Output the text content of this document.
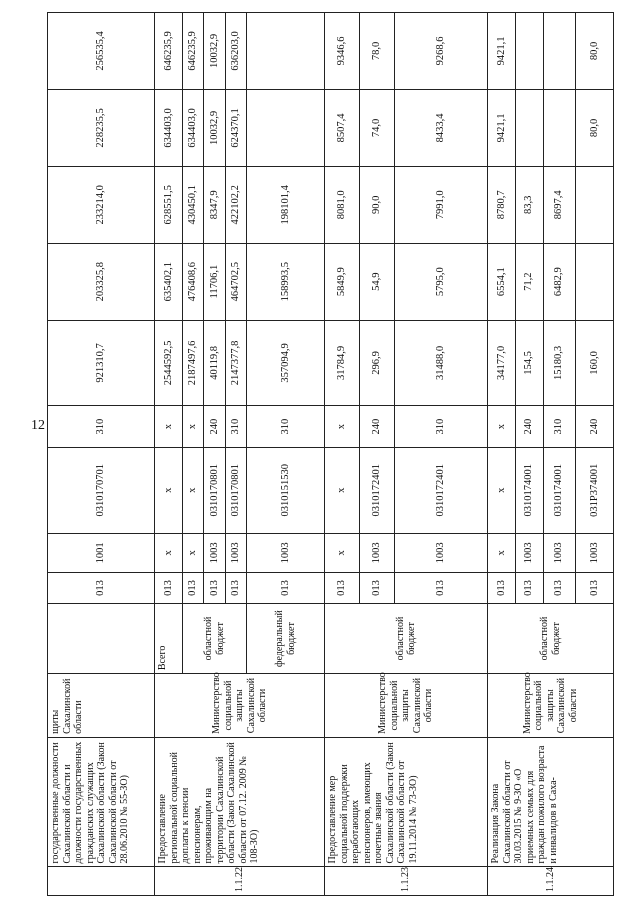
12
	государственные должности Сахалинской области и должности государственных гражданских служащих Сахалинской области (Закон Сахалинской области от 28.06.2010 № 55-ЗО)	щиты Сахалинской области		013	1001	0310170701	310	921310,7	203325,8	233214,0	228235,5	256535,4
1.1.22	Предоставление региональной социальной доплаты к пенсии пенсионерам, проживающим на территории Сахалинской области (Закон Сахалинской области от 07.12. 2009 № 108-ЗО)	Министерство социальной защиты Сахалинской области	Всего	013	х	х	х	2544592,5	635402,1	628551,5	634403,0	646235,9
			областной бюджет	013	х	х	х	2187497,6	476408,6	430450,1	634403,0	646235,9
				013	1003	0310170801	240	40119,8	11706,1	8347,9	10032,9	10032,9
				013	1003	0310170801	310	2147377,8	464702,5	422102,2	624370,1	636203,0
			федеральный бюджет	013	1003	0310151530	310	357094,9	158993,5	198101,4		
1.1.23	Предоставление мер социальной поддержки неработающих пенсионеров, имеющих почетные звания Сахалинской области (Закон Сахалинской области от 19.11.2014 № 73-ЗО)	Министерство социальной защиты Сахалинской области	областной бюджет	013	х	х	х	31784,9	5849,9	8081,0	8507,4	9346,6
				013	1003	0310172401	240	296,9	54,9	90,0	74,0	78,0
				013	1003	0310172401	310	31488,0	5795,0	7991,0	8433,4	9268,6
1.1.24	Реализация Закона Сахалинской области от 30.03.2015 № 9-ЗО «О приемных семьях для граждан пожилого возраста и инвалидов в Саха-	Министерство социальной защиты Сахалинской области	областной бюджет	013	х	х	х	34177,0	6554,1	8780,7	9421,1	9421,1
				013	1003	0310174001	240	154,5	71,2	83,3		
				013	1003	0310174001	310	15180,3	6482,9	8697,4		
				013	1003	031Р374001	240	160,0			80,0	80,0
